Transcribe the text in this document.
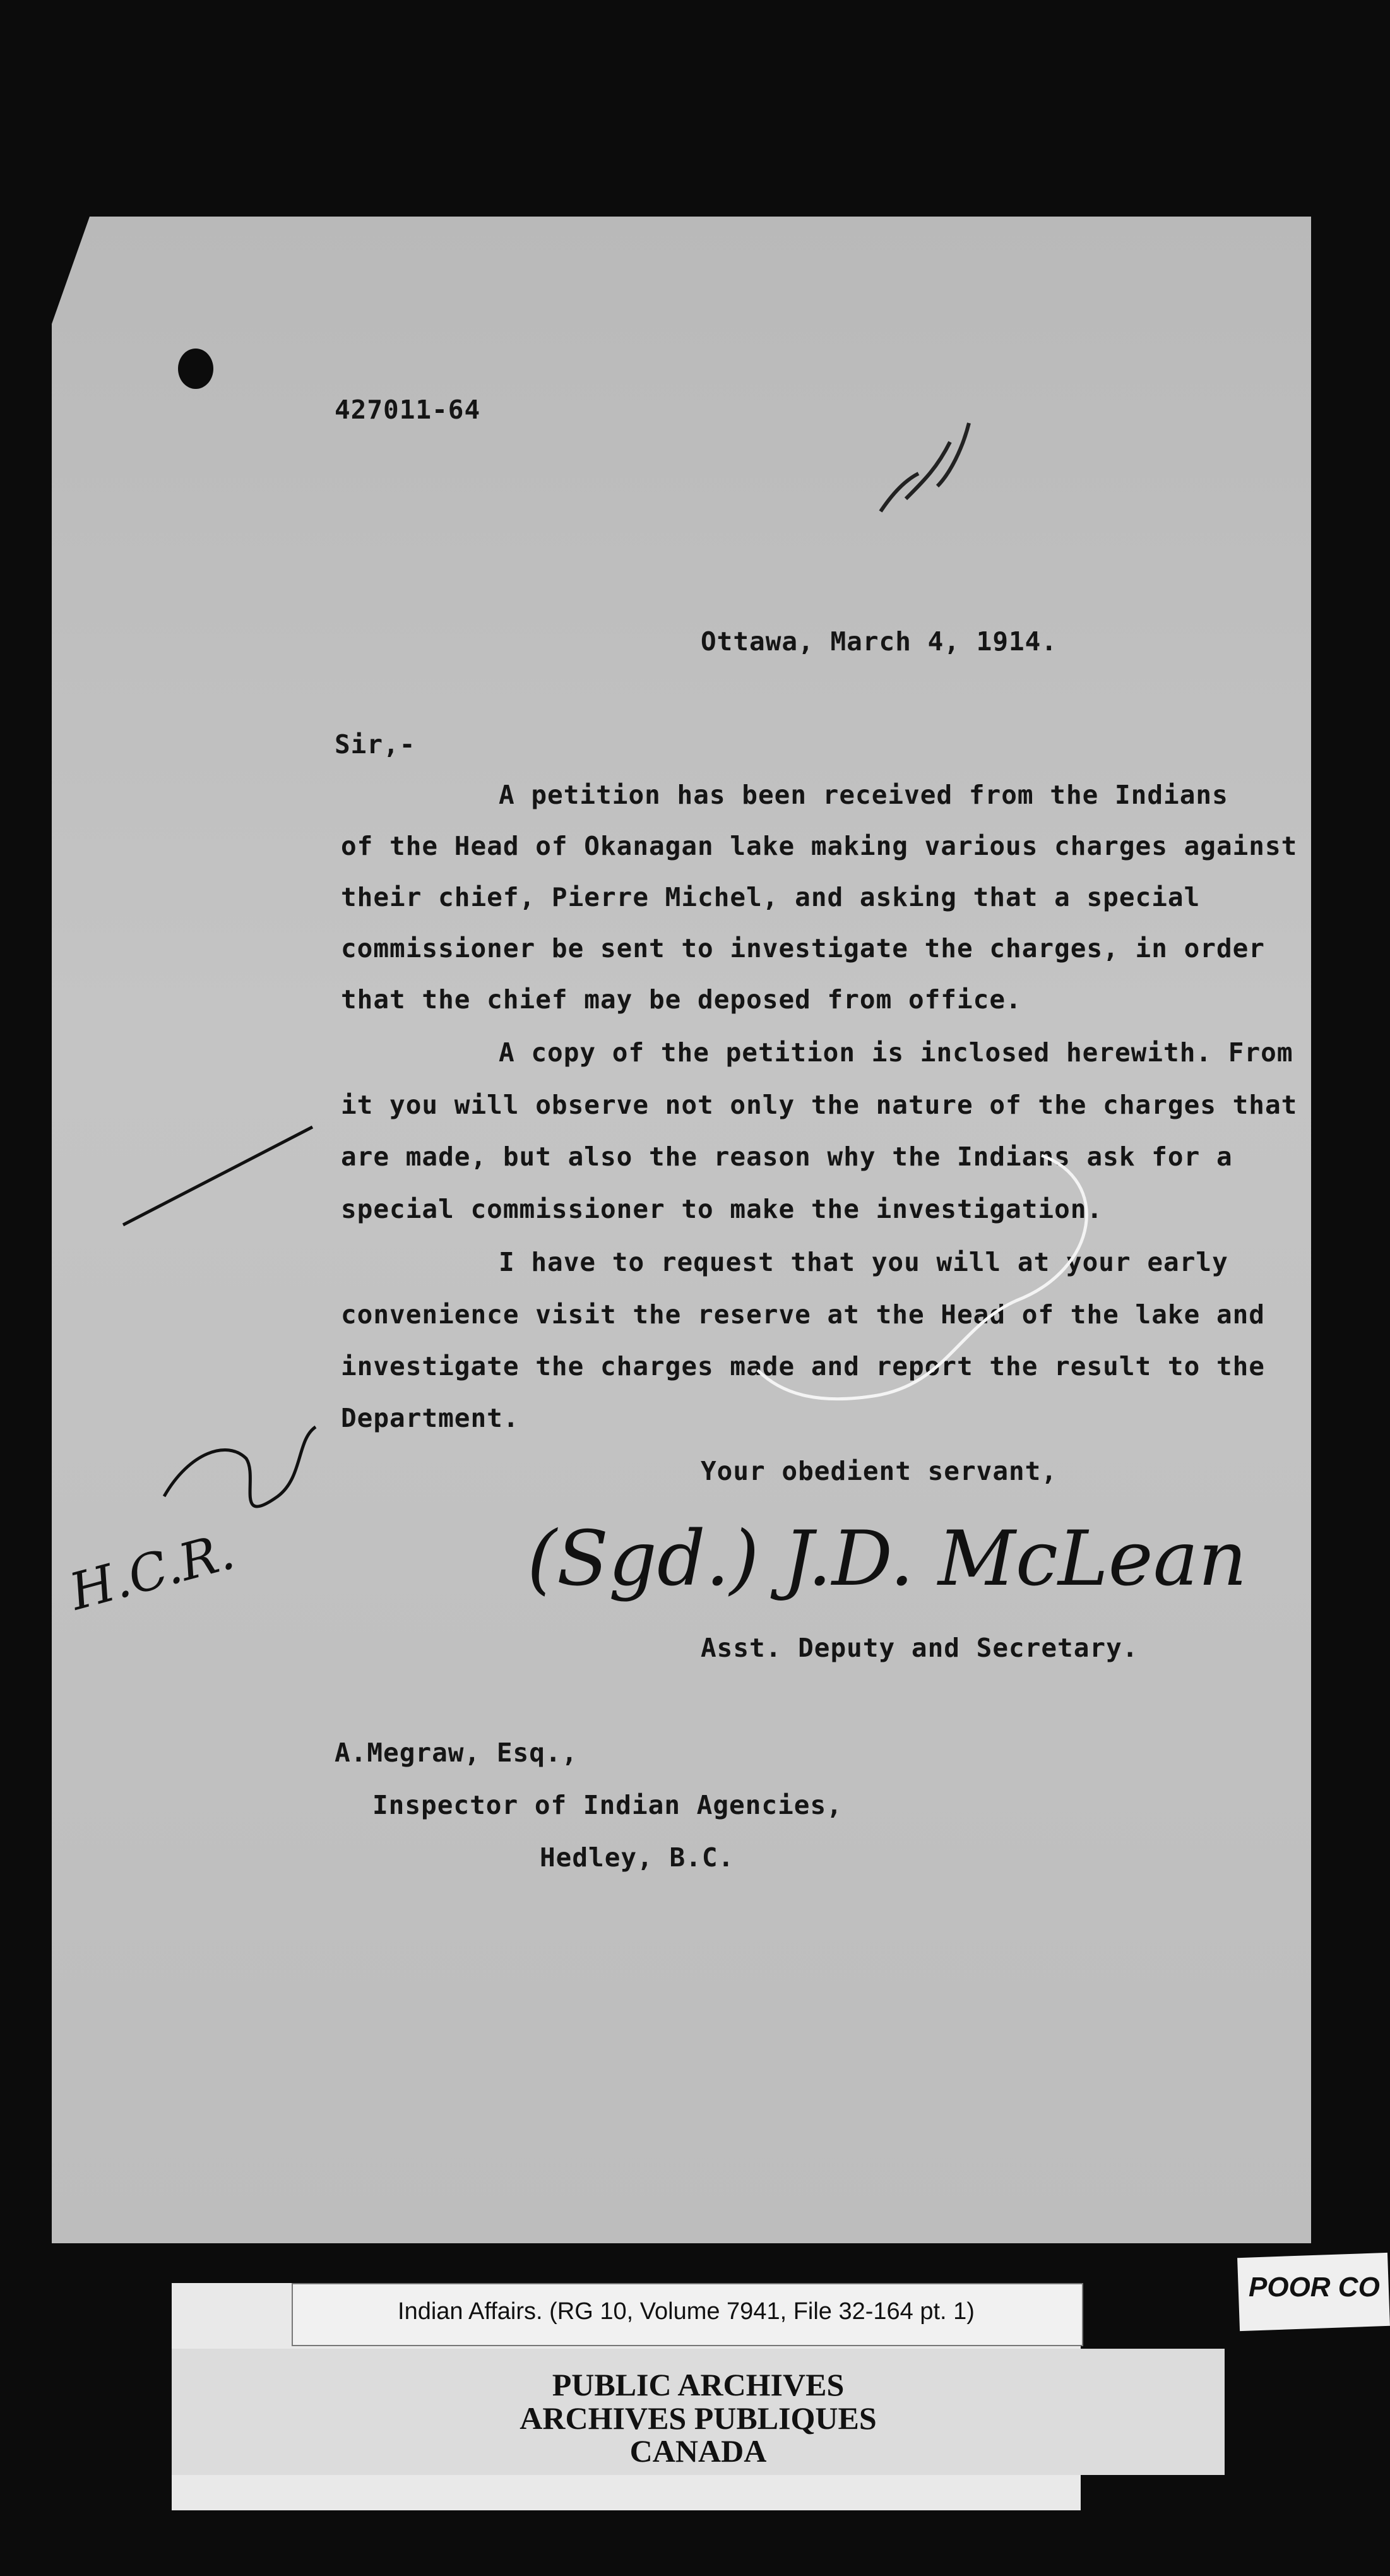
427011-64
Ottawa, March 4, 1914.
Sir,-
A petition has been received from the Indians
of the Head of Okanagan lake making various charges against
their chief, Pierre Michel, and asking that a special
commissioner be sent to investigate the charges, in order
that the chief may be deposed from office.
A copy of the petition is inclosed herewith. From
it you will observe not only the nature of the charges that
are made, but also the reason why the Indians ask for a
special commissioner to make the investigation.
I have to request that you will at your early
convenience visit the reserve at the Head of the lake and
investigate the charges made and report the result to the
Department.
Your obedient servant,
(Sgd.) J.D. McLean
Asst. Deputy and Secretary.
H.C.R.
A.Megraw, Esq.,
Inspector of Indian Agencies,
Hedley, B.C.
Indian Affairs. (RG 10, Volume 7941, File 32-164 pt. 1)
PUBLIC ARCHIVES
ARCHIVES PUBLIQUES
CANADA
POOR CO
